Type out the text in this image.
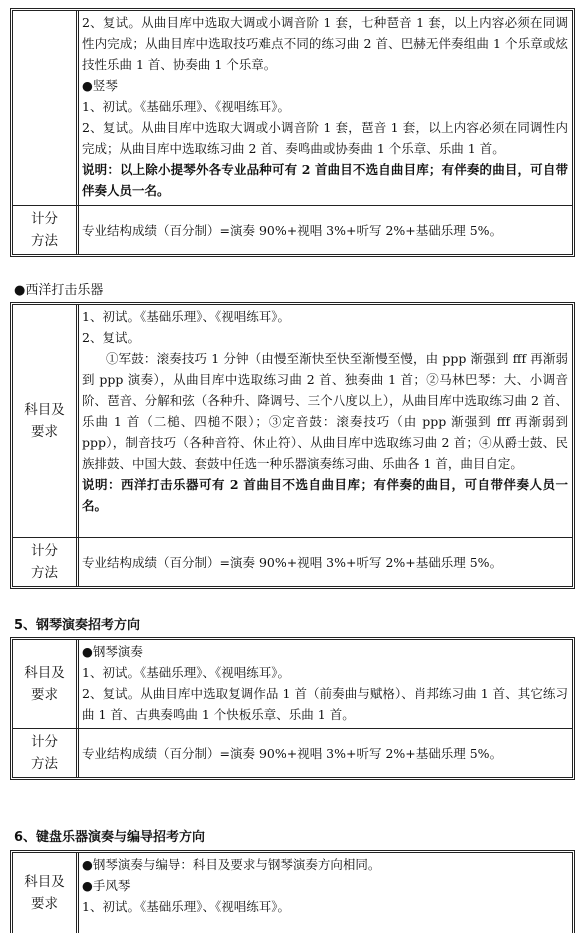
2、复试。从曲目库中选取大调或小调音阶 1 套，七种琶音 1 套，以上内容必须在同调性内完成；从曲目库中选取技巧难点不同的练习曲 2 首、巴赫无伴奏组曲 1 个乐章或炫技性乐曲 1 首、协奏曲 1 个乐章。

●竖琴

1、初试。《基础乐理》、《视唱练耳》。

2、复试。从曲目库中选取大调或小调音阶 1 套，琶音 1 套，以上内容必须在同调性内完成；从曲目库中选取练习曲 2 首、奏鸣曲或协奏曲 1 个乐章、乐曲 1 首。

说明：以上除小提琴外各专业品种可有 2 首曲目不选自曲目库；有伴奏的曲目，可自带伴奏人员一名。

计分
方法

专业结构成绩（百分制）=演奏 90%+视唱 3%+听写 2%+基础乐理 5%。

●西洋打击乐器
科目及
要求

1、初试。《基础乐理》、《视唱练耳》。

2、复试。

①军鼓：滚奏技巧 1 分钟（由慢至渐快至快至渐慢至慢，由 ppp 渐强到 fff 再渐弱到 ppp 演奏），从曲目库中选取练习曲 2 首、独奏曲 1 首；②马林巴琴：大、小调音阶、琶音、分解和弦（各种升、降调号、三个八度以上），从曲目库中选取练习曲 2 首、乐曲 1 首（二槌、四槌不限）；③定音鼓：滚奏技巧（由 ppp 渐强到 fff 再渐弱到 ppp），制音技巧（各种音符、休止符）、从曲目库中选取练习曲 2 首；④从爵士鼓、民族排鼓、中国大鼓、套鼓中任选一种乐器演奏练习曲、乐曲各 1 首，曲目自定。

说明：西洋打击乐器可有 2 首曲目不选自曲目库；有伴奏的曲目，可自带伴奏人员一名。

计分
方法

专业结构成绩（百分制）=演奏 90%+视唱 3%+听写 2%+基础乐理 5%。

5、钢琴演奏招考方向
科目及
要求

●钢琴演奏

1、初试。《基础乐理》、《视唱练耳》。

2、复试。从曲目库中选取复调作品 1 首（前奏曲与赋格）、肖邦练习曲 1 首、其它练习曲 1 首、古典奏鸣曲 1 个快板乐章、乐曲 1 首。

计分
方法

专业结构成绩（百分制）=演奏 90%+视唱 3%+听写 2%+基础乐理 5%。

6、键盘乐器演奏与编导招考方向
科目及
要求

●钢琴演奏与编导：科目及要求与钢琴演奏方向相同。

●手风琴

1、初试。《基础乐理》、《视唱练耳》。
